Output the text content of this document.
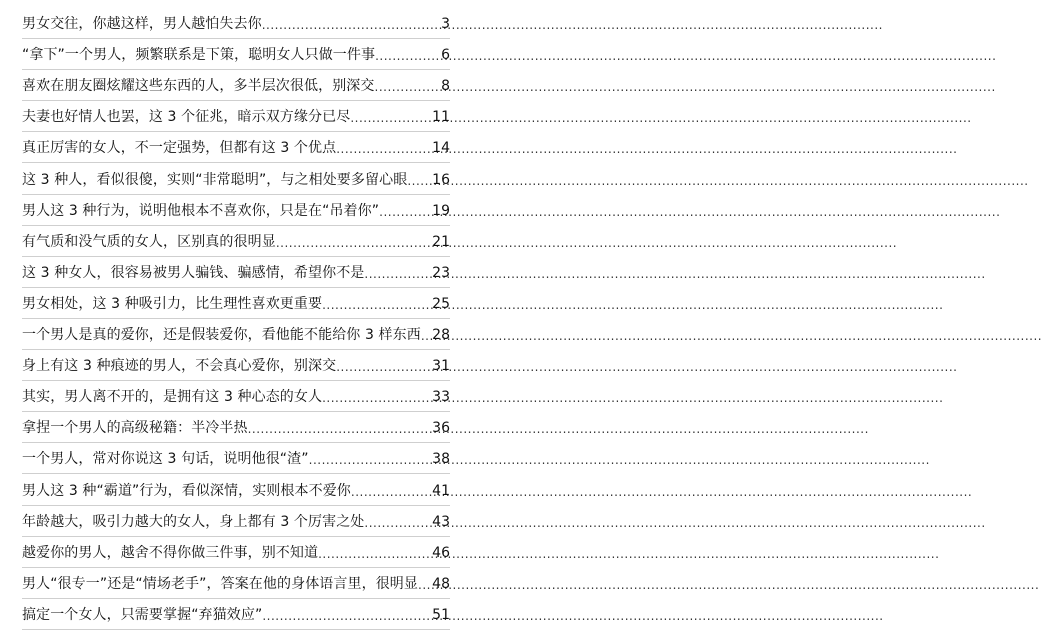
男女交往，你越这样，男人越怕失去你 .....	3
“拿下”一个男人，频繁联系是下策，聪明女人只做一件事 .....	6
喜欢在朋友圈炫耀这些东西的人，多半层次很低，别深交 .....	8
夫妻也好情人也罢，这 3 个征兆，暗示双方缘分已尽 .....	11
真正厉害的女人，不一定强势，但都有这 3 个优点 .....	14
这 3 种人，看似很傻，实则“非常聪明”，与之相处要多留心眼 ..... 16
男人这 3 种行为，说明他根本不喜欢你，只是在“吊着你” .....	19
有气质和没气质的女人，区别真的很明显 .....	21
这 3 种女人，很容易被男人骗钱、骗感情，希望你不是 .....	23
男女相处，这 3 种吸引力，比生理性喜欢更重要 .....	25
一个男人是真的爱你，还是假装爱你，看他能不能给你 3 样东西 ..... 28
身上有这 3 种痕迹的男人，不会真心爱你，别深交 .....	31
其实，男人离不开的，是拥有这 3 种心态的女人 .....	33
拿捏一个男人的高级秘籍：半冷半热 .....	36
一个男人，常对你说这 3 句话，说明他很“渣” .....	38
男人这 3 种“霸道”行为，看似深情，实则根本不爱你 .....	41
年龄越大，吸引力越大的女人，身上都有 3 个厉害之处 .....	43
越爱你的男人，越舍不得你做三件事，别不知道 .....	46
男人“很专一”还是“情场老手”，答案在他的身体语言里，很明显 ..... 48
搞定一个女人，只需要掌握“弃猫效应” .....	51
